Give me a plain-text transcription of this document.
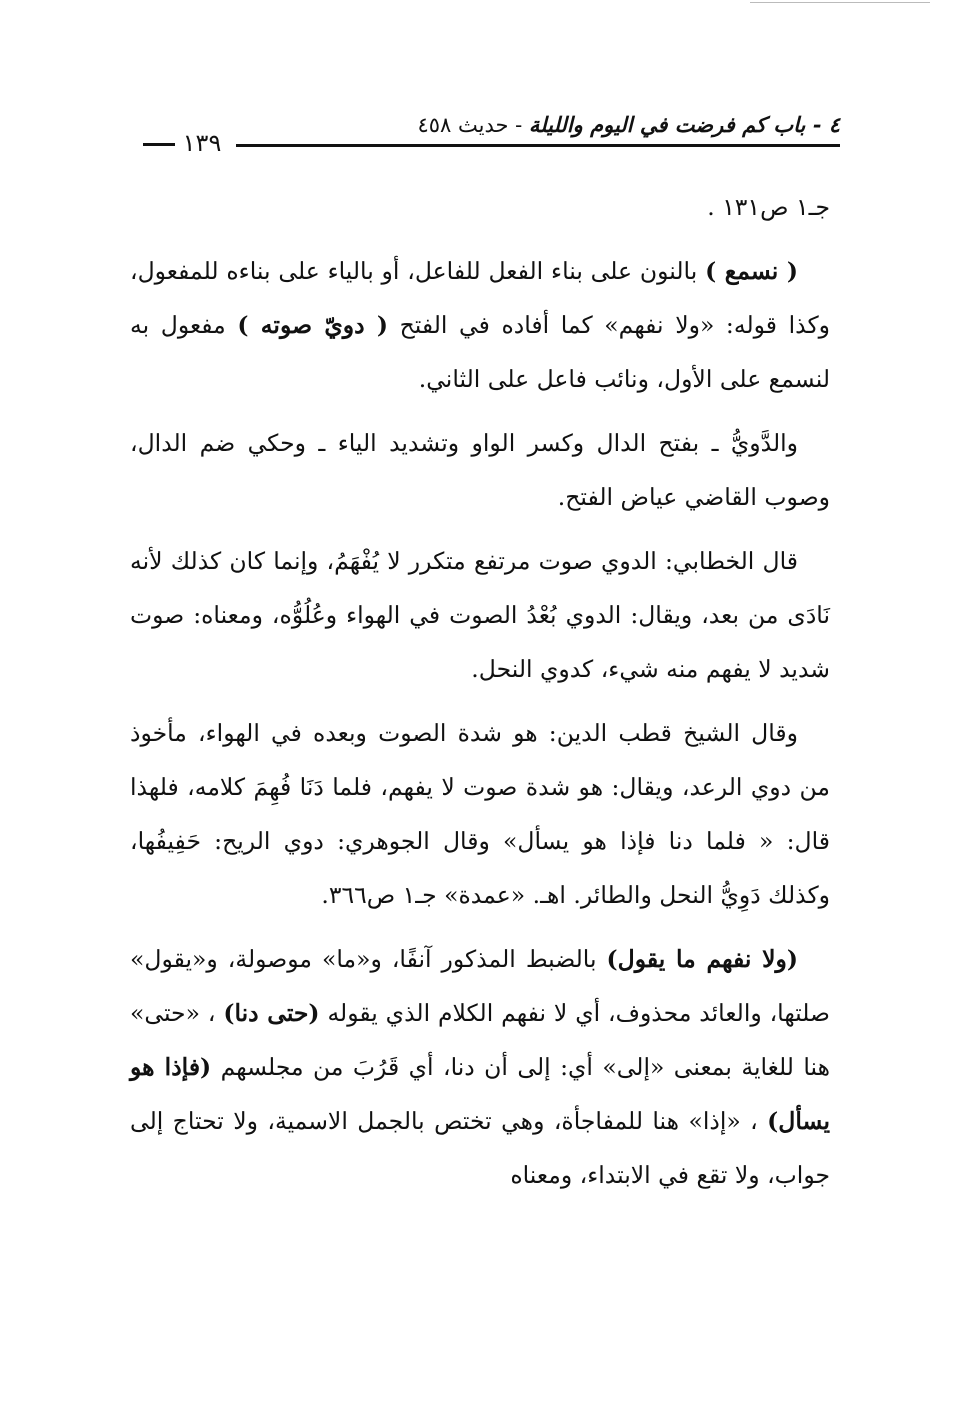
٤ - باب كم فرضت في اليوم والليلة - حديث ٤٥٨
١٣٩

جـ١ ص١٣١ .

( نسمع ) بالنون على بناء الفعل للفاعل، أو بالياء على بناءه للمفعول، وكذا قوله: «ولا نفهم» كما أفاده في الفتح ( دويّ صوته ) مفعول به لنسمع على الأول، ونائب فاعل على الثاني.

والدَّويُّ ـ بفتح الدال وكسر الواو وتشديد الياء ـ وحكي ضم الدال، وصوب القاضي عياض الفتح.

قال الخطابي: الدوي صوت مرتفع متكرر لا يُفْهَمُ، وإنما كان كذلك لأنه نَادَى من بعد، ويقال: الدوي بُعْدُ الصوت في الهواء وعُلُوُّه، ومعناه: صوت شديد لا يفهم منه شيء، كدوي النحل.

وقال الشيخ قطب الدين: هو شدة الصوت وبعده في الهواء، مأخوذ من دوي الرعد، ويقال: هو شدة صوت لا يفهم، فلما دَنَا فُهِمَ كلامه، فلهذا قال: « فلما دنا فإذا هو يسأل» وقال الجوهري: دوي الريح: حَفِيفُها، وكذلك دَوِيُّ النحل والطائر. اهـ. «عمدة» جـ١ ص٣٦٦.

(ولا نفهم ما يقول) بالضبط المذكور آنفًا، و«ما» موصولة، و«يقول» صلتها، والعائد محذوف، أي لا نفهم الكلام الذي يقوله (حتى دنا) ، «حتى» هنا للغاية بمعنى «إلى» أي: إلى أن دنا، أي قَرُبَ من مجلسهم (فإذا هو يسأل) ، «إذا» هنا للمفاجأة، وهي تختص بالجمل الاسمية، ولا تحتاج إلى جواب، ولا تقع في الابتداء، ومعناه
